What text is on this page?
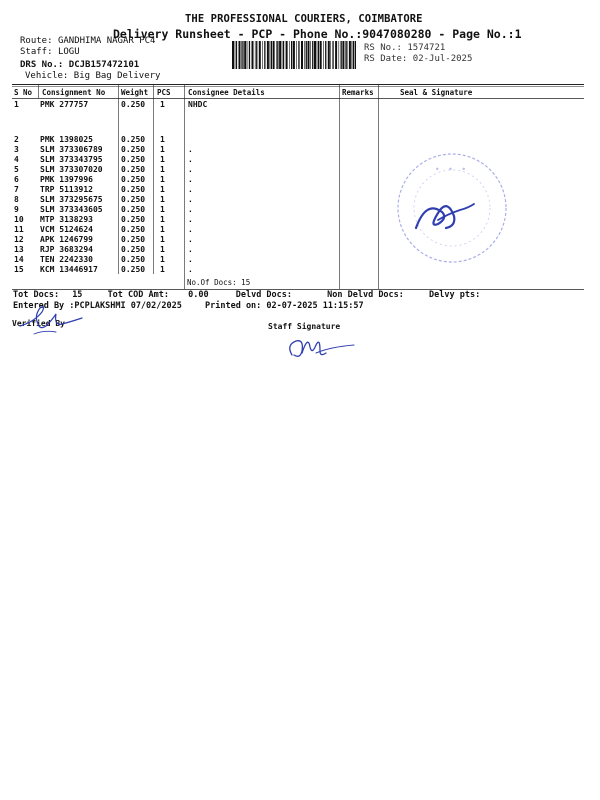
THE PROFESSIONAL COURIERS, COIMBATORE
Delivery Runsheet - PCP - Phone No.:9047080280 - Page No.:1
Route: GANDHIMA NAGAR PC4
Staff: LOGU
DRS No.: DCJB157472101
Vehicle: Big Bag Delivery
RS No.: 1574721
RS Date: 02-Jul-2025
S No Consignment No Weight PCS Consignee Details	Remarks	Seal & Signature
1	PMK 277757	0.250 1	NHDC
2	PMK 1398025	0.250 1
3	SLM 373306789 0.250 1	.
4	SLM 373343795 0.250 1	.
5	SLM 373307020 0.250 1	.
6	PMK 1397996	0.250 1	.
7	TRP 5113912	0.250 1	.
8	SLM 373295675 0.250 1	.
9	SLM 373343605 0.250 1	.
10 MTP 3138293	0.250 1	.
11 VCM 5124624	0.250 1	.
12 APK 1246799	0.250 1	.
13 RJP 3683294	0.250 1	.
14 TEN 2242330	0.250 1	.
15 KCM 13446917	0.250 1	.
No.Of Docs: 15
• • •
Tot Docs: 15	Tot COD Amt: 0.00	Delvd Docs:	Non Delvd Docs:	Delvy pts:
Entered By :PCPLAKSHMI 07/02/2025	Printed on: 02-07-2025 11:15:57
Verified By	Staff Signature
